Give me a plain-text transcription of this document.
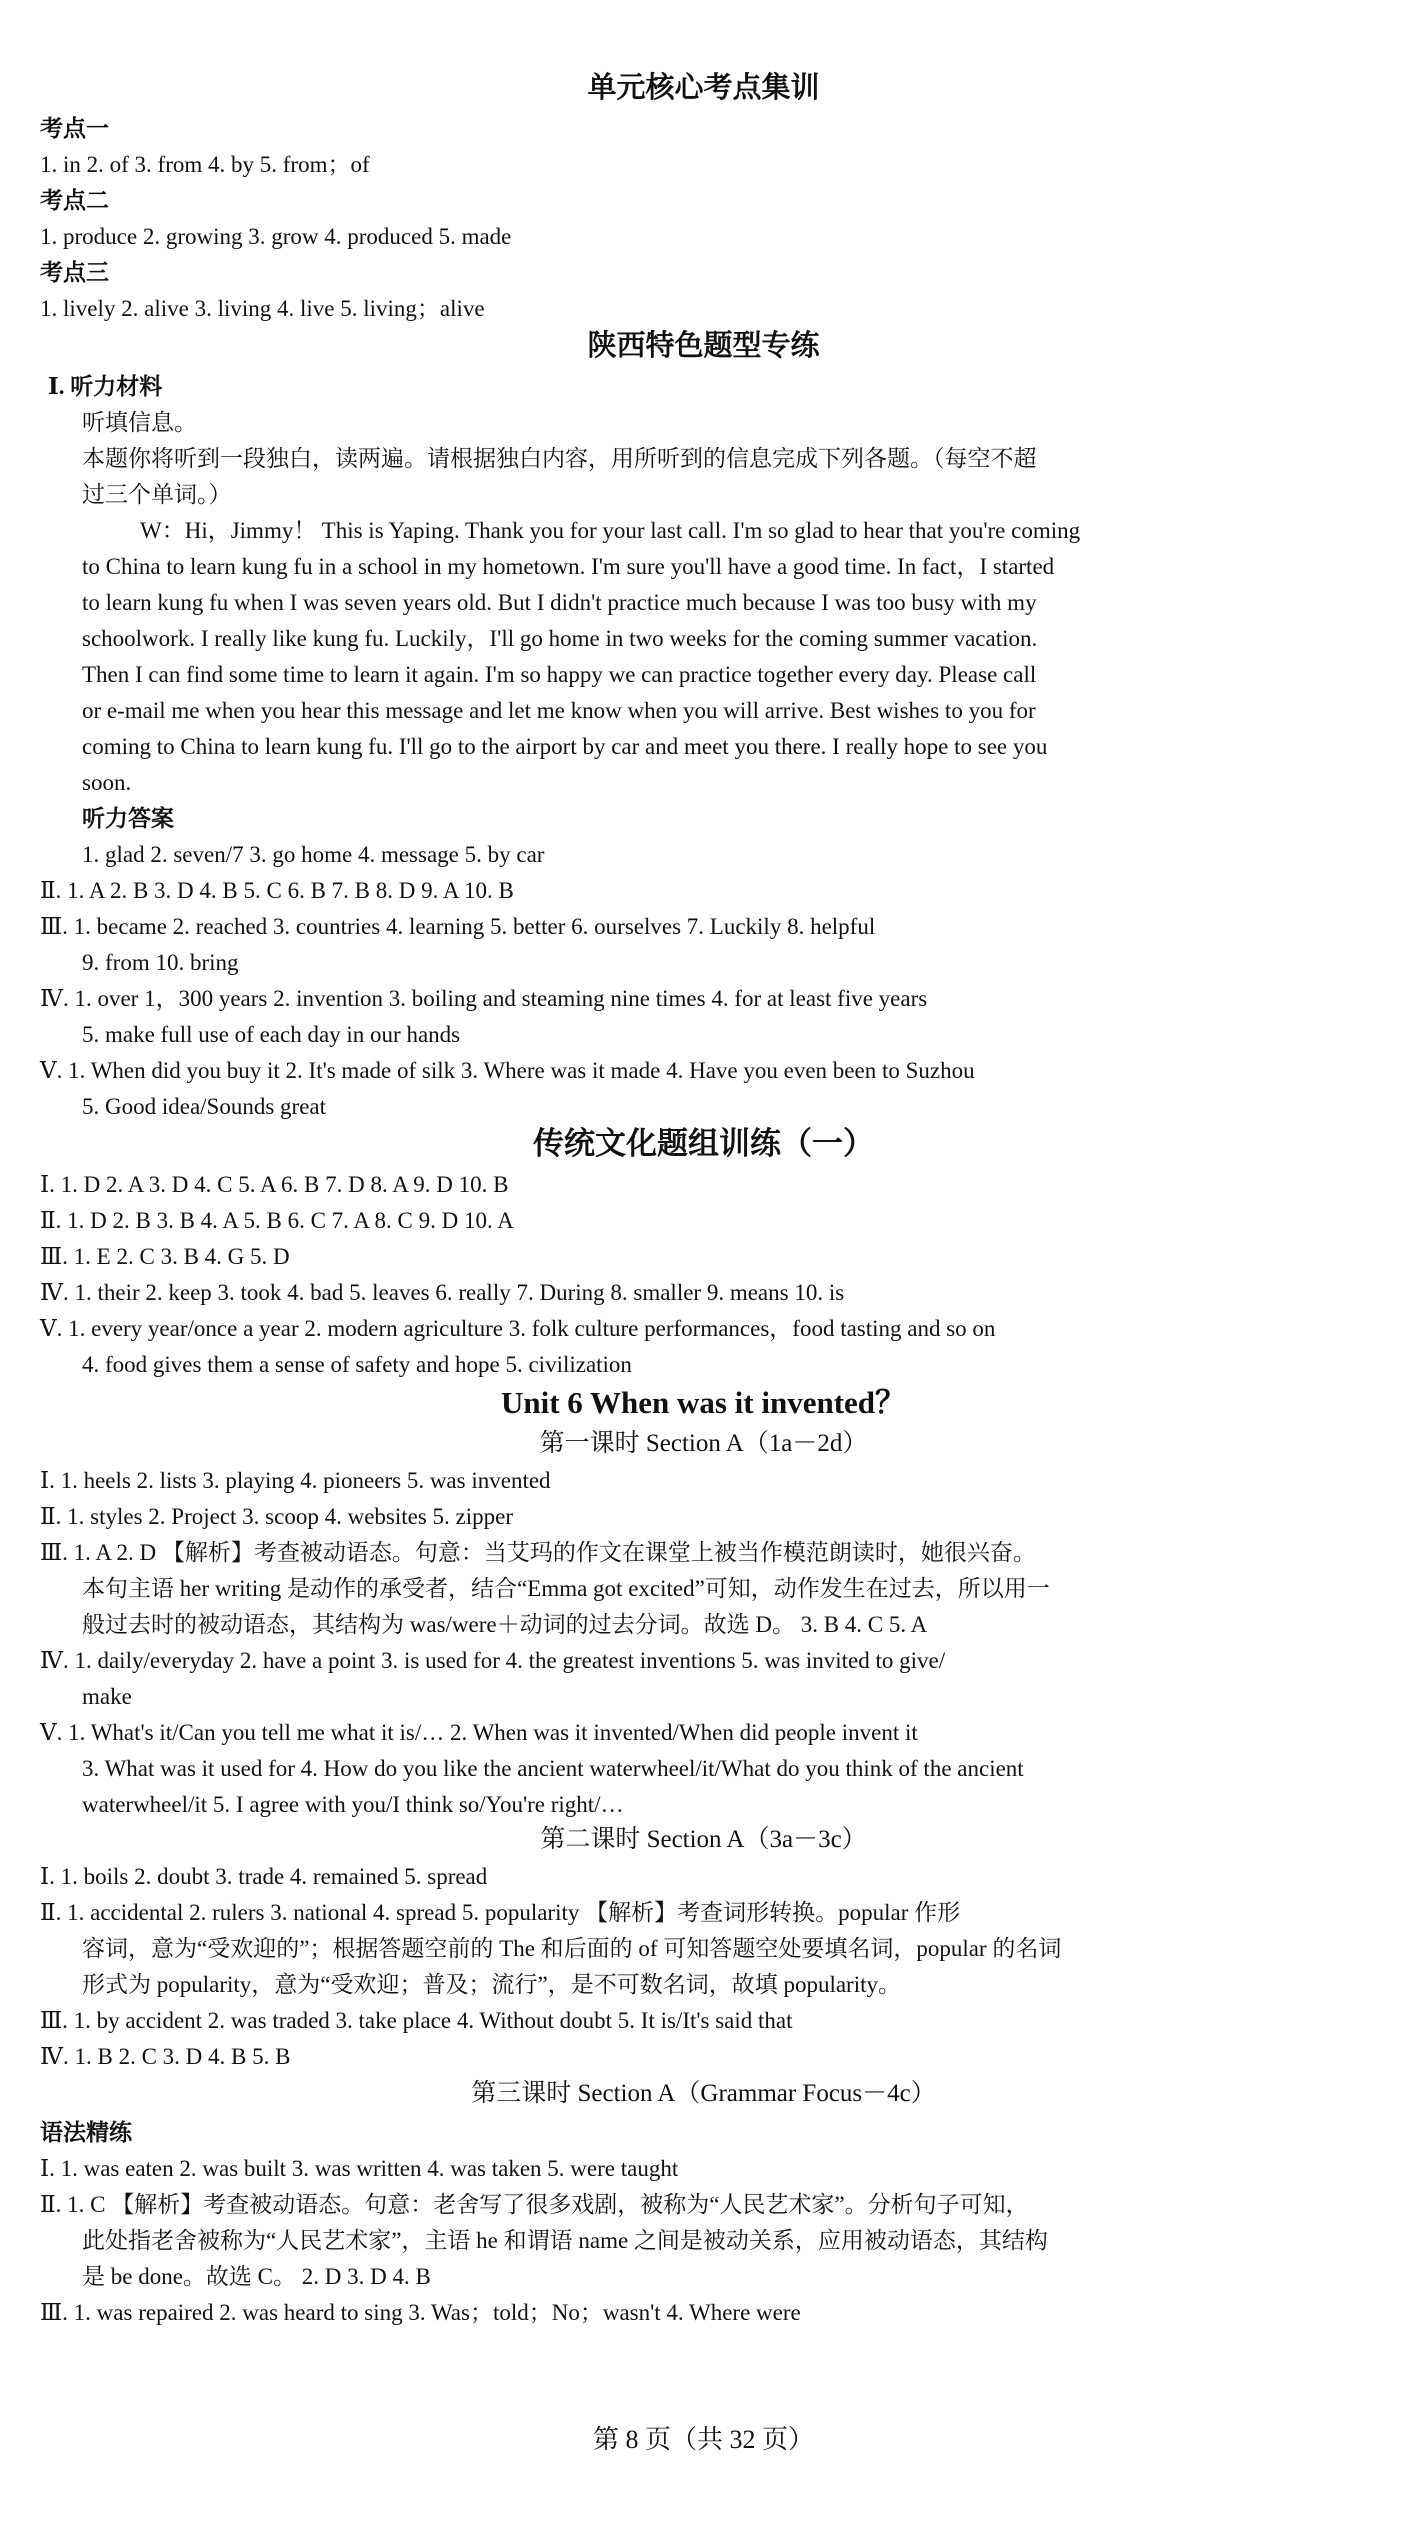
单元核心考点集训
考点一
1. in 2. of 3. from 4. by 5. from；of
考点二
1. produce 2. growing 3. grow 4. produced 5. made
考点三
1. lively 2. alive 3. living 4. live 5. living；alive
陕西特色题型专练
Ⅰ. 听力材料
听填信息。
本题你将听到一段独白，读两遍。请根据独白内容，用所听到的信息完成下列各题。（每空不超
过三个单词。）
W：Hi，Jimmy！ This is Yaping. Thank you for your last call. I'm so glad to hear that you're coming
to China to learn kung fu in a school in my hometown. I'm sure you'll have a good time. In fact，I started
to learn kung fu when I was seven years old. But I didn't practice much because I was too busy with my
schoolwork. I really like kung fu. Luckily，I'll go home in two weeks for the coming summer vacation.
Then I can find some time to learn it again. I'm so happy we can practice together every day. Please call
or e-mail me when you hear this message and let me know when you will arrive. Best wishes to you for
coming to China to learn kung fu. I'll go to the airport by car and meet you there. I really hope to see you
soon.
听力答案
1. glad 2. seven/7 3. go home 4. message 5. by car
Ⅱ. 1. A 2. B 3. D 4. B 5. C 6. B 7. B 8. D 9. A 10. B
Ⅲ. 1. became 2. reached 3. countries 4. learning 5. better 6. ourselves 7. Luckily 8. helpful
9. from 10. bring
Ⅳ. 1. over 1，300 years 2. invention 3. boiling and steaming nine times 4. for at least five years
5. make full use of each day in our hands
Ⅴ. 1. When did you buy it 2. It's made of silk 3. Where was it made 4. Have you even been to Suzhou
5. Good idea/Sounds great
传统文化题组训练（一）
Ⅰ. 1. D 2. A 3. D 4. C 5. A 6. B 7. D 8. A 9. D 10. B
Ⅱ. 1. D 2. B 3. B 4. A 5. B 6. C 7. A 8. C 9. D 10. A
Ⅲ. 1. E 2. C 3. B 4. G 5. D
Ⅳ. 1. their 2. keep 3. took 4. bad 5. leaves 6. really 7. During 8. smaller 9. means 10. is
Ⅴ. 1. every year/once a year 2. modern agriculture 3. folk culture performances，food tasting and so on
4. food gives them a sense of safety and hope 5. civilization
Unit 6 When was it invented？
第一课时 Section A（1a－2d）
Ⅰ. 1. heels 2. lists 3. playing 4. pioneers 5. was invented
Ⅱ. 1. styles 2. Project 3. scoop 4. websites 5. zipper
Ⅲ. 1. A 2. D 【解析】考查被动语态。句意：当艾玛的作文在课堂上被当作模范朗读时，她很兴奋。
本句主语 her writing 是动作的承受者，结合“Emma got excited”可知，动作发生在过去，所以用一
般过去时的被动语态，其结构为 was/were＋动词的过去分词。故选 D。 3. B 4. C 5. A
Ⅳ. 1. daily/everyday 2. have a point 3. is used for 4. the greatest inventions 5. was invited to give/
make
Ⅴ. 1. What's it/Can you tell me what it is/… 2. When was it invented/When did people invent it
3. What was it used for 4. How do you like the ancient waterwheel/it/What do you think of the ancient
waterwheel/it 5. I agree with you/I think so/You're right/…
第二课时 Section A（3a－3c）
Ⅰ. 1. boils 2. doubt 3. trade 4. remained 5. spread
Ⅱ. 1. accidental 2. rulers 3. national 4. spread 5. popularity 【解析】考查词形转换。popular 作形
容词，意为“受欢迎的”；根据答题空前的 The 和后面的 of 可知答题空处要填名词，popular 的名词
形式为 popularity，意为“受欢迎；普及；流行”，是不可数名词，故填 popularity。
Ⅲ. 1. by accident 2. was traded 3. take place 4. Without doubt 5. It is/It's said that
Ⅳ. 1. B 2. C 3. D 4. B 5. B
第三课时 Section A（Grammar Focus－4c）
语法精练
Ⅰ. 1. was eaten 2. was built 3. was written 4. was taken 5. were taught
Ⅱ. 1. C 【解析】考查被动语态。句意：老舍写了很多戏剧，被称为“人民艺术家”。分析句子可知，
此处指老舍被称为“人民艺术家”，主语 he 和谓语 name 之间是被动关系，应用被动语态，其结构
是 be done。故选 C。 2. D 3. D 4. B
Ⅲ. 1. was repaired 2. was heard to sing 3. Was；told；No；wasn't 4. Where were
第 8 页（共 32 页）
